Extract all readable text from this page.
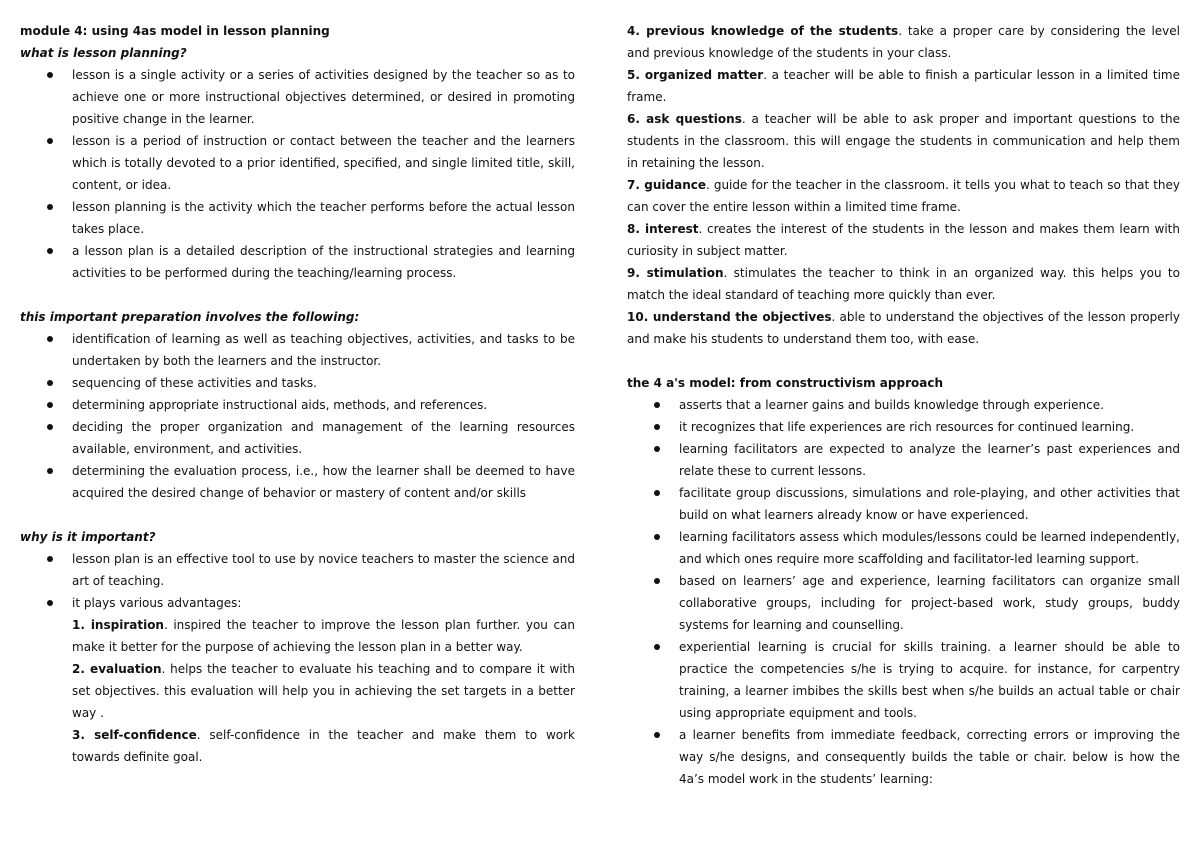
module 4: using 4as model in lesson planning

what is lesson planning?

lesson is a single activity or a series of activities designed by the teacher so as to achieve one or more instructional objectives determined, or desired in promoting positive change in the learner.
lesson is a period of instruction or contact between the teacher and the learners which is totally devoted to a prior identified, specified, and single limited title, skill, content, or idea.
lesson planning is the activity which the teacher performs before the actual lesson takes place.
a lesson plan is a detailed description of the instructional strategies and learning activities to be performed during the teaching/learning process.

this important preparation involves the following:

identification of learning as well as teaching objectives, activities, and tasks to be undertaken by both the learners and the instructor.
sequencing of these activities and tasks.
determining appropriate instructional aids, methods, and references.
deciding the proper organization and management of the learning resources available, environment, and activities.
determining the evaluation process, i.e., how the learner shall be deemed to have acquired the desired change of behavior or mastery of content and/or skills

why is it important?

lesson plan is an effective tool to use by novice teachers to master the science and art of teaching.
it plays various advantages:
1. inspiration. inspired the teacher to improve the lesson plan further. you can make it better for the purpose of achieving the lesson plan in a better way.
2. evaluation. helps the teacher to evaluate his teaching and to compare it with set objectives. this evaluation will help you in achieving the set targets in a better way .
3. self-confidence. self-confidence in the teacher and make them to work towards definite goal.

4. previous knowledge of the students. take a proper care by considering the level and previous knowledge of the students in your class.

5. organized matter. a teacher will be able to finish a particular lesson in a limited time frame.

6. ask questions. a teacher will be able to ask proper and important questions to the students in the classroom. this will engage the students in communication and help them in retaining the lesson.

7. guidance. guide for the teacher in the classroom. it tells you what to teach so that they can cover the entire lesson within a limited time frame.

8. interest. creates the interest of the students in the lesson and makes them learn with curiosity in subject matter.

9. stimulation. stimulates the teacher to think in an organized way. this helps you to match the ideal standard of teaching more quickly than ever.

10. understand the objectives. able to understand the objectives of the lesson properly and make his students to understand them too, with ease.

the 4 a's model: from constructivism approach

asserts that a learner gains and builds knowledge through experience.
it recognizes that life experiences are rich resources for continued learning.
learning facilitators are expected to analyze the learner’s past experiences and relate these to current lessons.
facilitate group discussions, simulations and role-playing, and other activities that build on what learners already know or have experienced.
learning facilitators assess which modules/lessons could be learned independently, and which ones require more scaffolding and facilitator-led learning support.
based on learners’ age and experience, learning facilitators can organize small collaborative groups, including for project-based work, study groups, buddy systems for learning and counselling.
experiential learning is crucial for skills training. a learner should be able to practice the competencies s/he is trying to acquire. for instance, for carpentry training, a learner imbibes the skills best when s/he builds an actual table or chair using appropriate equipment and tools.
a learner benefits from immediate feedback, correcting errors or improving the way s/he designs, and consequently builds the table or chair. below is how the 4a’s model work in the students’ learning:
